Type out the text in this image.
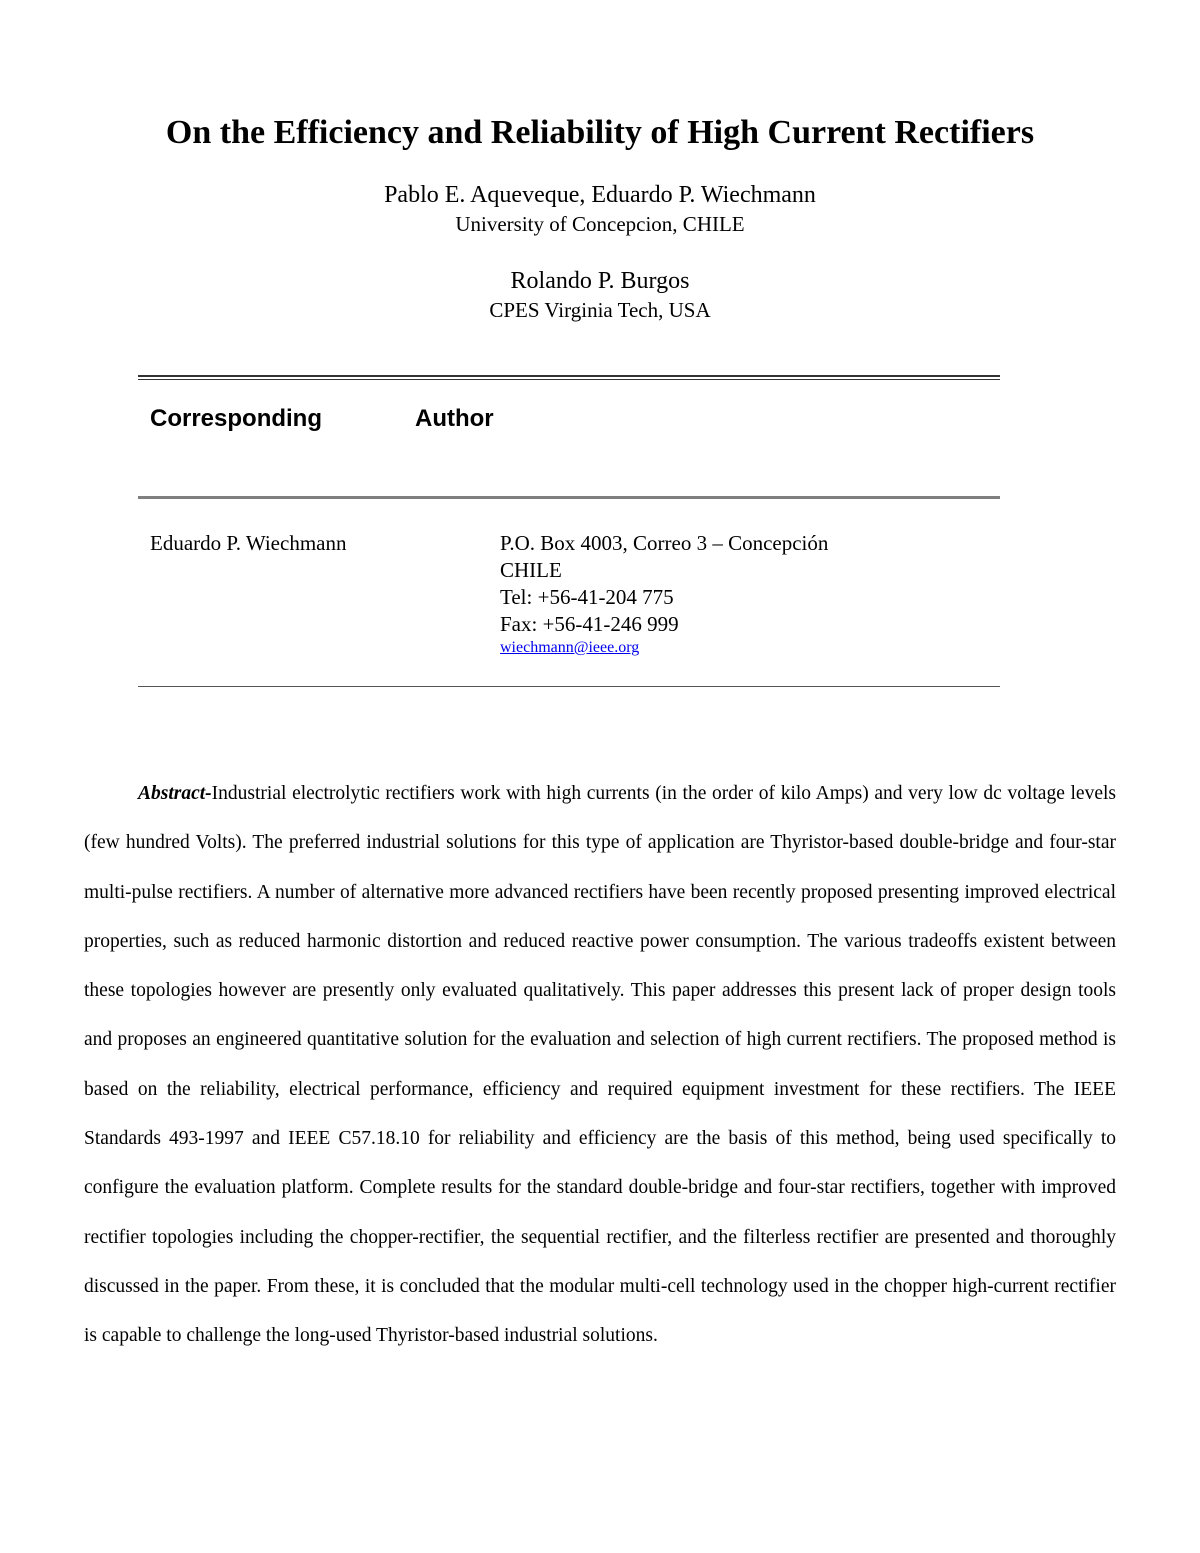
On the Efficiency and Reliability of High Current Rectifiers
Pablo E. Aqueveque, Eduardo P. Wiechmann
University of Concepcion, CHILE
Rolando P. Burgos
CPES Virginia Tech, USA
Corresponding	Author
Eduardo P. Wiechmann	P.O. Box 4003, Correo 3 – Concepción
CHILE
Tel: +56-41-204 775
Fax: +56-41-246 999
wiechmann@ieee.org

Abstract-Industrial electrolytic rectifiers work with high currents (in the order of kilo Amps) and very low dc voltage levels (few hundred Volts). The preferred industrial solutions for this type of application are Thyristor-based double-bridge and four-star multi-pulse rectifiers. A number of alternative more advanced rectifiers have been recently proposed presenting improved electrical properties, such as reduced harmonic distortion and reduced reactive power consumption. The various tradeoffs existent between these topologies however are presently only evaluated qualitatively. This paper addresses this present lack of proper design tools and proposes an engineered quantitative solution for the evaluation and selection of high current rectifiers. The proposed method is based on the reliability, electrical performance, efficiency and required equipment investment for these rectifiers. The IEEE Standards 493-1997 and IEEE C57.18.10 for reliability and efficiency are the basis of this method, being used specifically to configure the evaluation platform. Complete results for the standard double-bridge and four-star rectifiers, together with improved rectifier topologies including the chopper-rectifier, the sequential rectifier, and the filterless rectifier are presented and thoroughly discussed in the paper. From these, it is concluded that the modular multi-cell technology used in the chopper high-current rectifier is capable to challenge the long-used Thyristor-based industrial solutions.
